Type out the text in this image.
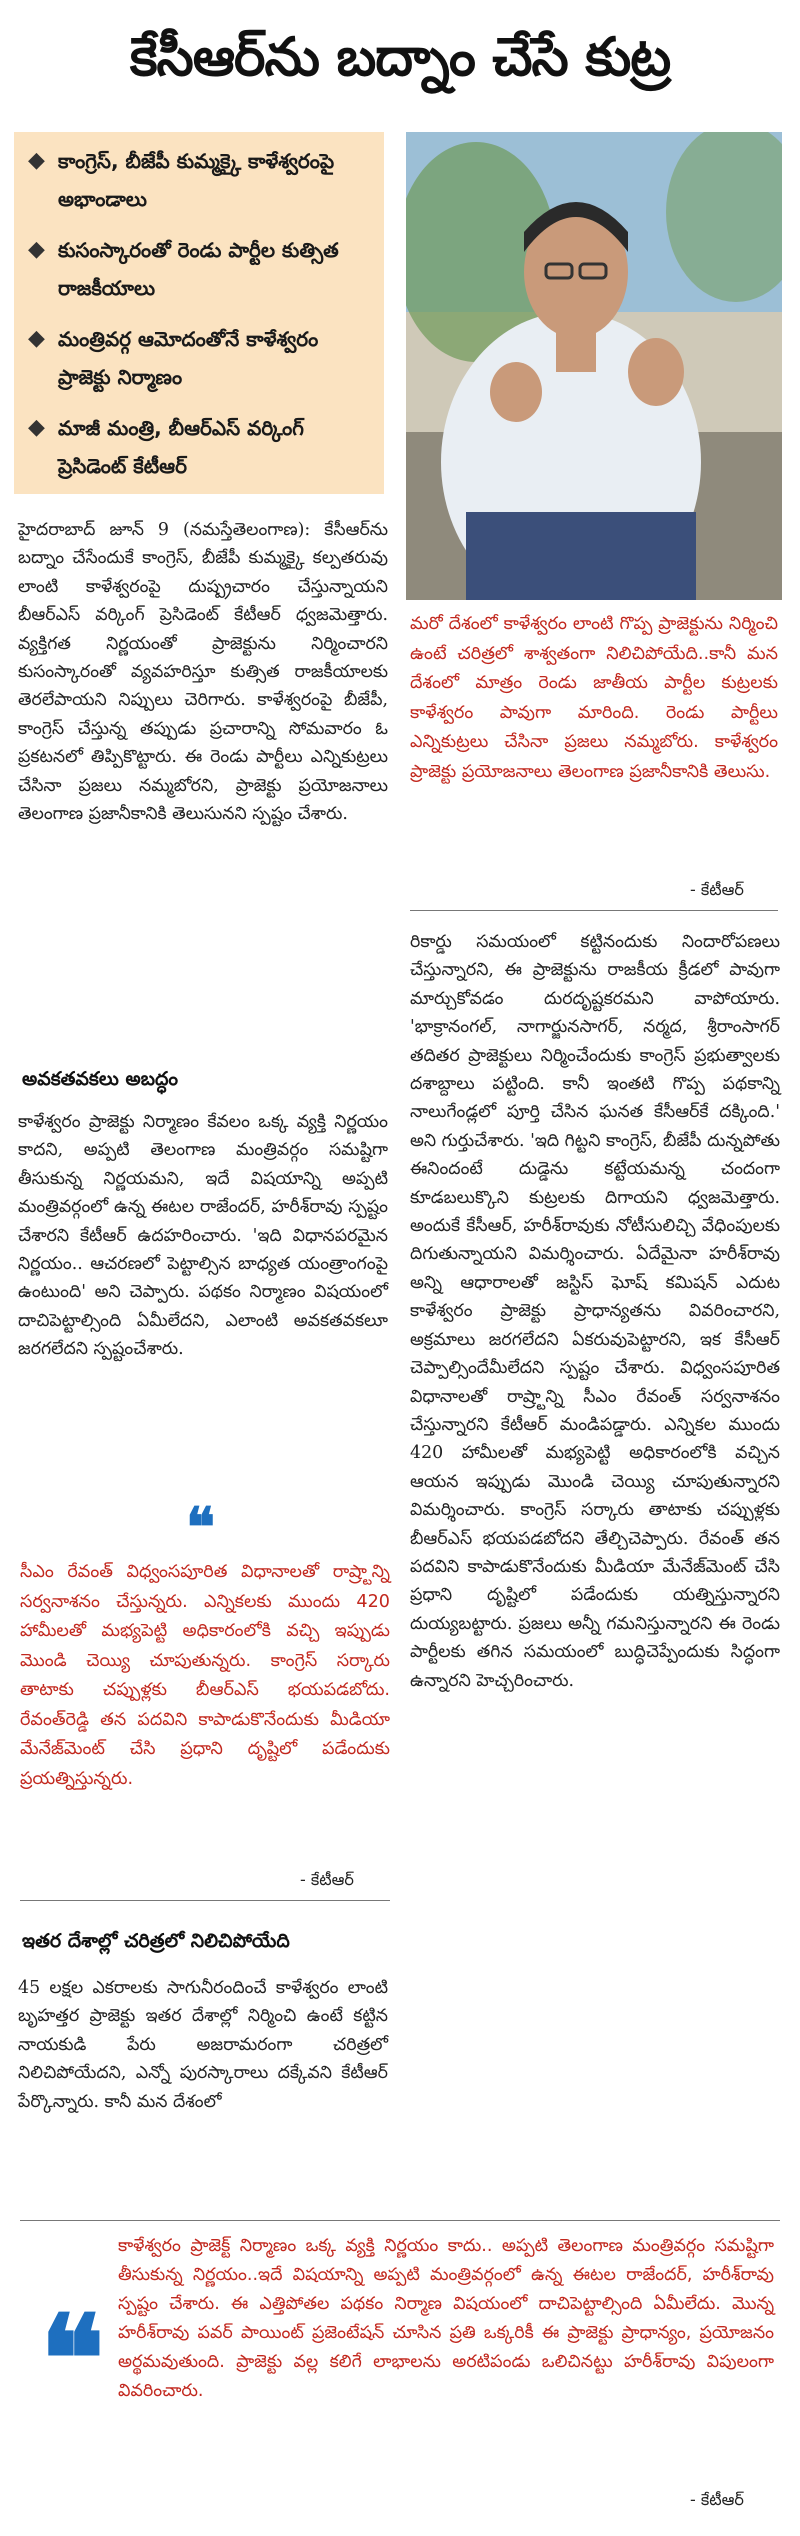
కేసీఆర్‌ను బద్నాం చేసే కుట్ర
◆ కాంగ్రెస్, బీజేపీ కుమ్మక్కై కాళేశ్వరంపై అభాండాలు
◆ కుసంస్కారంతో రెండు పార్టీల కుత్సిత రాజకీయాలు
◆ మంత్రివర్గ ఆమోదంతోనే కాళేశ్వరం ప్రాజెక్టు నిర్మాణం
◆ మాజీ మంత్రి, బీఆర్ఎస్ వర్కింగ్ ప్రెసిడెంట్ కేటీఆర్
మరో దేశంలో కాళేశ్వరం లాంటి గొప్ప ప్రాజెక్టును నిర్మించి ఉంటే చరిత్రలో శాశ్వతంగా నిలిచిపోయేది..కానీ మన దేశంలో మాత్రం రెండు జాతీయ పార్టీల కుట్రలకు కాళేశ్వరం పావుగా మారింది. రెండు పార్టీలు ఎన్నికుట్రలు చేసినా ప్రజలు నమ్మబోరు. కాళేశ్వరం ప్రాజెక్టు ప్రయోజనాలు తెలంగాణ ప్రజానీకానికి తెలుసు.
- కేటీఆర్
హైదరాబాద్ జూన్ 9 (నమస్తేతెలంగాణ): కేసీఆర్‌ను బద్నాం చేసేందుకే కాంగ్రెస్, బీజేపీ కుమ్మక్కై కల్పతరువు లాంటి కాళేశ్వరంపై దుష్ప్రచారం చేస్తున్నాయని బీఆర్ఎస్ వర్కింగ్ ప్రెసిడెంట్ కేటీఆర్ ధ్వజమెత్తారు. వ్యక్తిగత నిర్ణయంతో ప్రాజెక్టును నిర్మించారని కుసంస్కారంతో వ్యవహరిస్తూ కుత్సిత రాజకీయాలకు తెరలేపాయని నిప్పులు చెరిగారు. కాళేశ్వరంపై బీజేపీ, కాంగ్రెస్ చేస్తున్న తప్పుడు ప్రచారాన్ని సోమవారం ఓ ప్రకటనలో తిప్పికొట్టారు. ఈ రెండు పార్టీలు ఎన్నికుట్రలు చేసినా ప్రజలు నమ్మబోరని, ప్రాజెక్టు ప్రయోజనాలు తెలంగాణ ప్రజానీకానికి తెలుసునని స్పష్టం చేశారు.
అవకతవకలు అబద్ధం
కాళేశ్వరం ప్రాజెక్టు నిర్మాణం కేవలం ఒక్క వ్యక్తి నిర్ణయం కాదని, అప్పటి తెలంగాణ మంత్రివర్గం సమష్టిగా తీసుకున్న నిర్ణయమని, ఇదే విషయాన్ని అప్పటి మంత్రివర్గంలో ఉన్న ఈటల రాజేందర్, హరీశ్‌రావు స్పష్టం చేశారని కేటీఆర్ ఉదహరించారు. 'ఇది విధానపరమైన నిర్ణయం.. ఆచరణలో పెట్టాల్సిన బాధ్యత యంత్రాంగంపై ఉంటుంది' అని చెప్పారు. పథకం నిర్మాణం విషయంలో దాచిపెట్టాల్సింది ఏమీలేదని, ఎలాంటి అవకతవకలూ జరగలేదని స్పష్టంచేశారు.
❝
సీఎం రేవంత్ విధ్వంసపూరిత విధానాలతో రాష్ర్టాన్ని సర్వనాశనం చేస్తున్నరు. ఎన్నికలకు ముందు 420 హామీలతో మభ్యపెట్టి అధికారంలోకి వచ్చి ఇప్పుడు మొండి చెయ్యి చూపుతున్నరు. కాంగ్రెస్ సర్కారు తాటాకు చప్పుళ్లకు బీఆర్ఎస్ భయపడబోదు. రేవంత్‌రెడ్డి తన పదవిని కాపాడుకొనేందుకు మీడియా మేనేజ్‌మెంట్ చేసి ప్రధాని దృష్టిలో పడేందుకు ప్రయత్నిస్తున్నరు.
- కేటీఆర్
ఇతర దేశాల్లో చరిత్రలో నిలిచిపోయేది
45 లక్షల ఎకరాలకు సాగునీరందించే కాళేశ్వరం లాంటి బృహత్తర ప్రాజెక్టు ఇతర దేశాల్లో నిర్మించి ఉంటే కట్టిన నాయకుడి పేరు అజరామరంగా చరిత్రలో నిలిచిపోయేదని, ఎన్నో పురస్కారాలు దక్కేవని కేటీఆర్ పేర్కొన్నారు. కానీ మన దేశంలో
రికార్డు సమయంలో కట్టినందుకు నిందారోపణలు చేస్తున్నారని, ఈ ప్రాజెక్టును రాజకీయ క్రీడలో పావుగా మార్చుకోవడం దురదృష్టకరమని వాపోయారు. 'భాక్రానంగల్, నాగార్జునసాగర్, నర్మద, శ్రీరాంసాగర్ తదితర ప్రాజెక్టులు నిర్మించేందుకు కాంగ్రెస్ ప్రభుత్వాలకు దశాబ్దాలు పట్టింది. కానీ ఇంతటి గొప్ప పథకాన్ని నాలుగేండ్లలో పూర్తి చేసిన ఘనత కేసీఆర్‌కే దక్కింది.' అని గుర్తుచేశారు. 'ఇది గిట్టని కాంగ్రెస్, బీజేపీ దున్నపోతు ఈనిందంటే దుడ్డెను కట్టేయమన్న చందంగా కూడబలుక్కొని కుట్రలకు దిగాయని ధ్వజమెత్తారు. అందుకే కేసీఆర్, హరీశ్‌రావుకు నోటీసులిచ్చి వేధింపులకు దిగుతున్నాయని విమర్శించారు. ఏదేమైనా హరీశ్‌రావు అన్ని ఆధారాలతో జస్టిస్ ఘోష్ కమిషన్ ఎదుట కాళేశ్వరం ప్రాజెక్టు ప్రాధాన్యతను వివరించారని, అక్రమాలు జరగలేదని ఏకరువుపెట్టారని, ఇక కేసీఆర్ చెప్పాల్సిందేమీలేదని స్పష్టం చేశారు. విధ్వంసపూరిత విధానాలతో రాష్ర్టాన్ని సీఎం రేవంత్ సర్వనాశనం చేస్తున్నారని కేటీఆర్ మండిపడ్డారు. ఎన్నికల ముందు 420 హామీలతో మభ్యపెట్టి అధికారంలోకి వచ్చిన ఆయన ఇప్పుడు మొండి చెయ్యి చూపుతున్నారని విమర్శించారు. కాంగ్రెస్ సర్కారు తాటాకు చప్పుళ్లకు బీఆర్ఎస్ భయపడబోదని తేల్చిచెప్పారు. రేవంత్ తన పదవిని కాపాడుకొనేందుకు మీడియా మేనేజ్‌మెంట్ చేసి ప్రధాని దృష్టిలో పడేందుకు యత్నిస్తున్నారని దుయ్యబట్టారు. ప్రజలు అన్నీ గమనిస్తున్నారని ఈ రెండు పార్టీలకు తగిన సమయంలో బుద్ధిచెప్పేందుకు సిద్ధంగా ఉన్నారని హెచ్చరించారు.
❝
కాళేశ్వరం ప్రాజెక్ట్ నిర్మాణం ఒక్క వ్యక్తి నిర్ణయం కాదు.. అప్పటి తెలంగాణ మంత్రివర్గం సమష్టిగా తీసుకున్న నిర్ణయం..ఇదే విషయాన్ని అప్పటి మంత్రివర్గంలో ఉన్న ఈటల రాజేందర్, హరీశ్‌రావు స్పష్టం చేశారు. ఈ ఎత్తిపోతల పథకం నిర్మాణ విషయంలో దాచిపెట్టాల్సింది ఏమీలేదు. మొన్న హరీశ్‌రావు పవర్ పాయింట్ ప్రజెంటేషన్ చూసిన ప్రతి ఒక్కరికీ ఈ ప్రాజెక్టు ప్రాధాన్యం, ప్రయోజనం అర్థమవుతుంది. ప్రాజెక్టు వల్ల కలిగే లాభాలను అరటిపండు ఒలిచినట్టు హరీశ్‌రావు విపులంగా వివరించారు.
- కేటీఆర్
